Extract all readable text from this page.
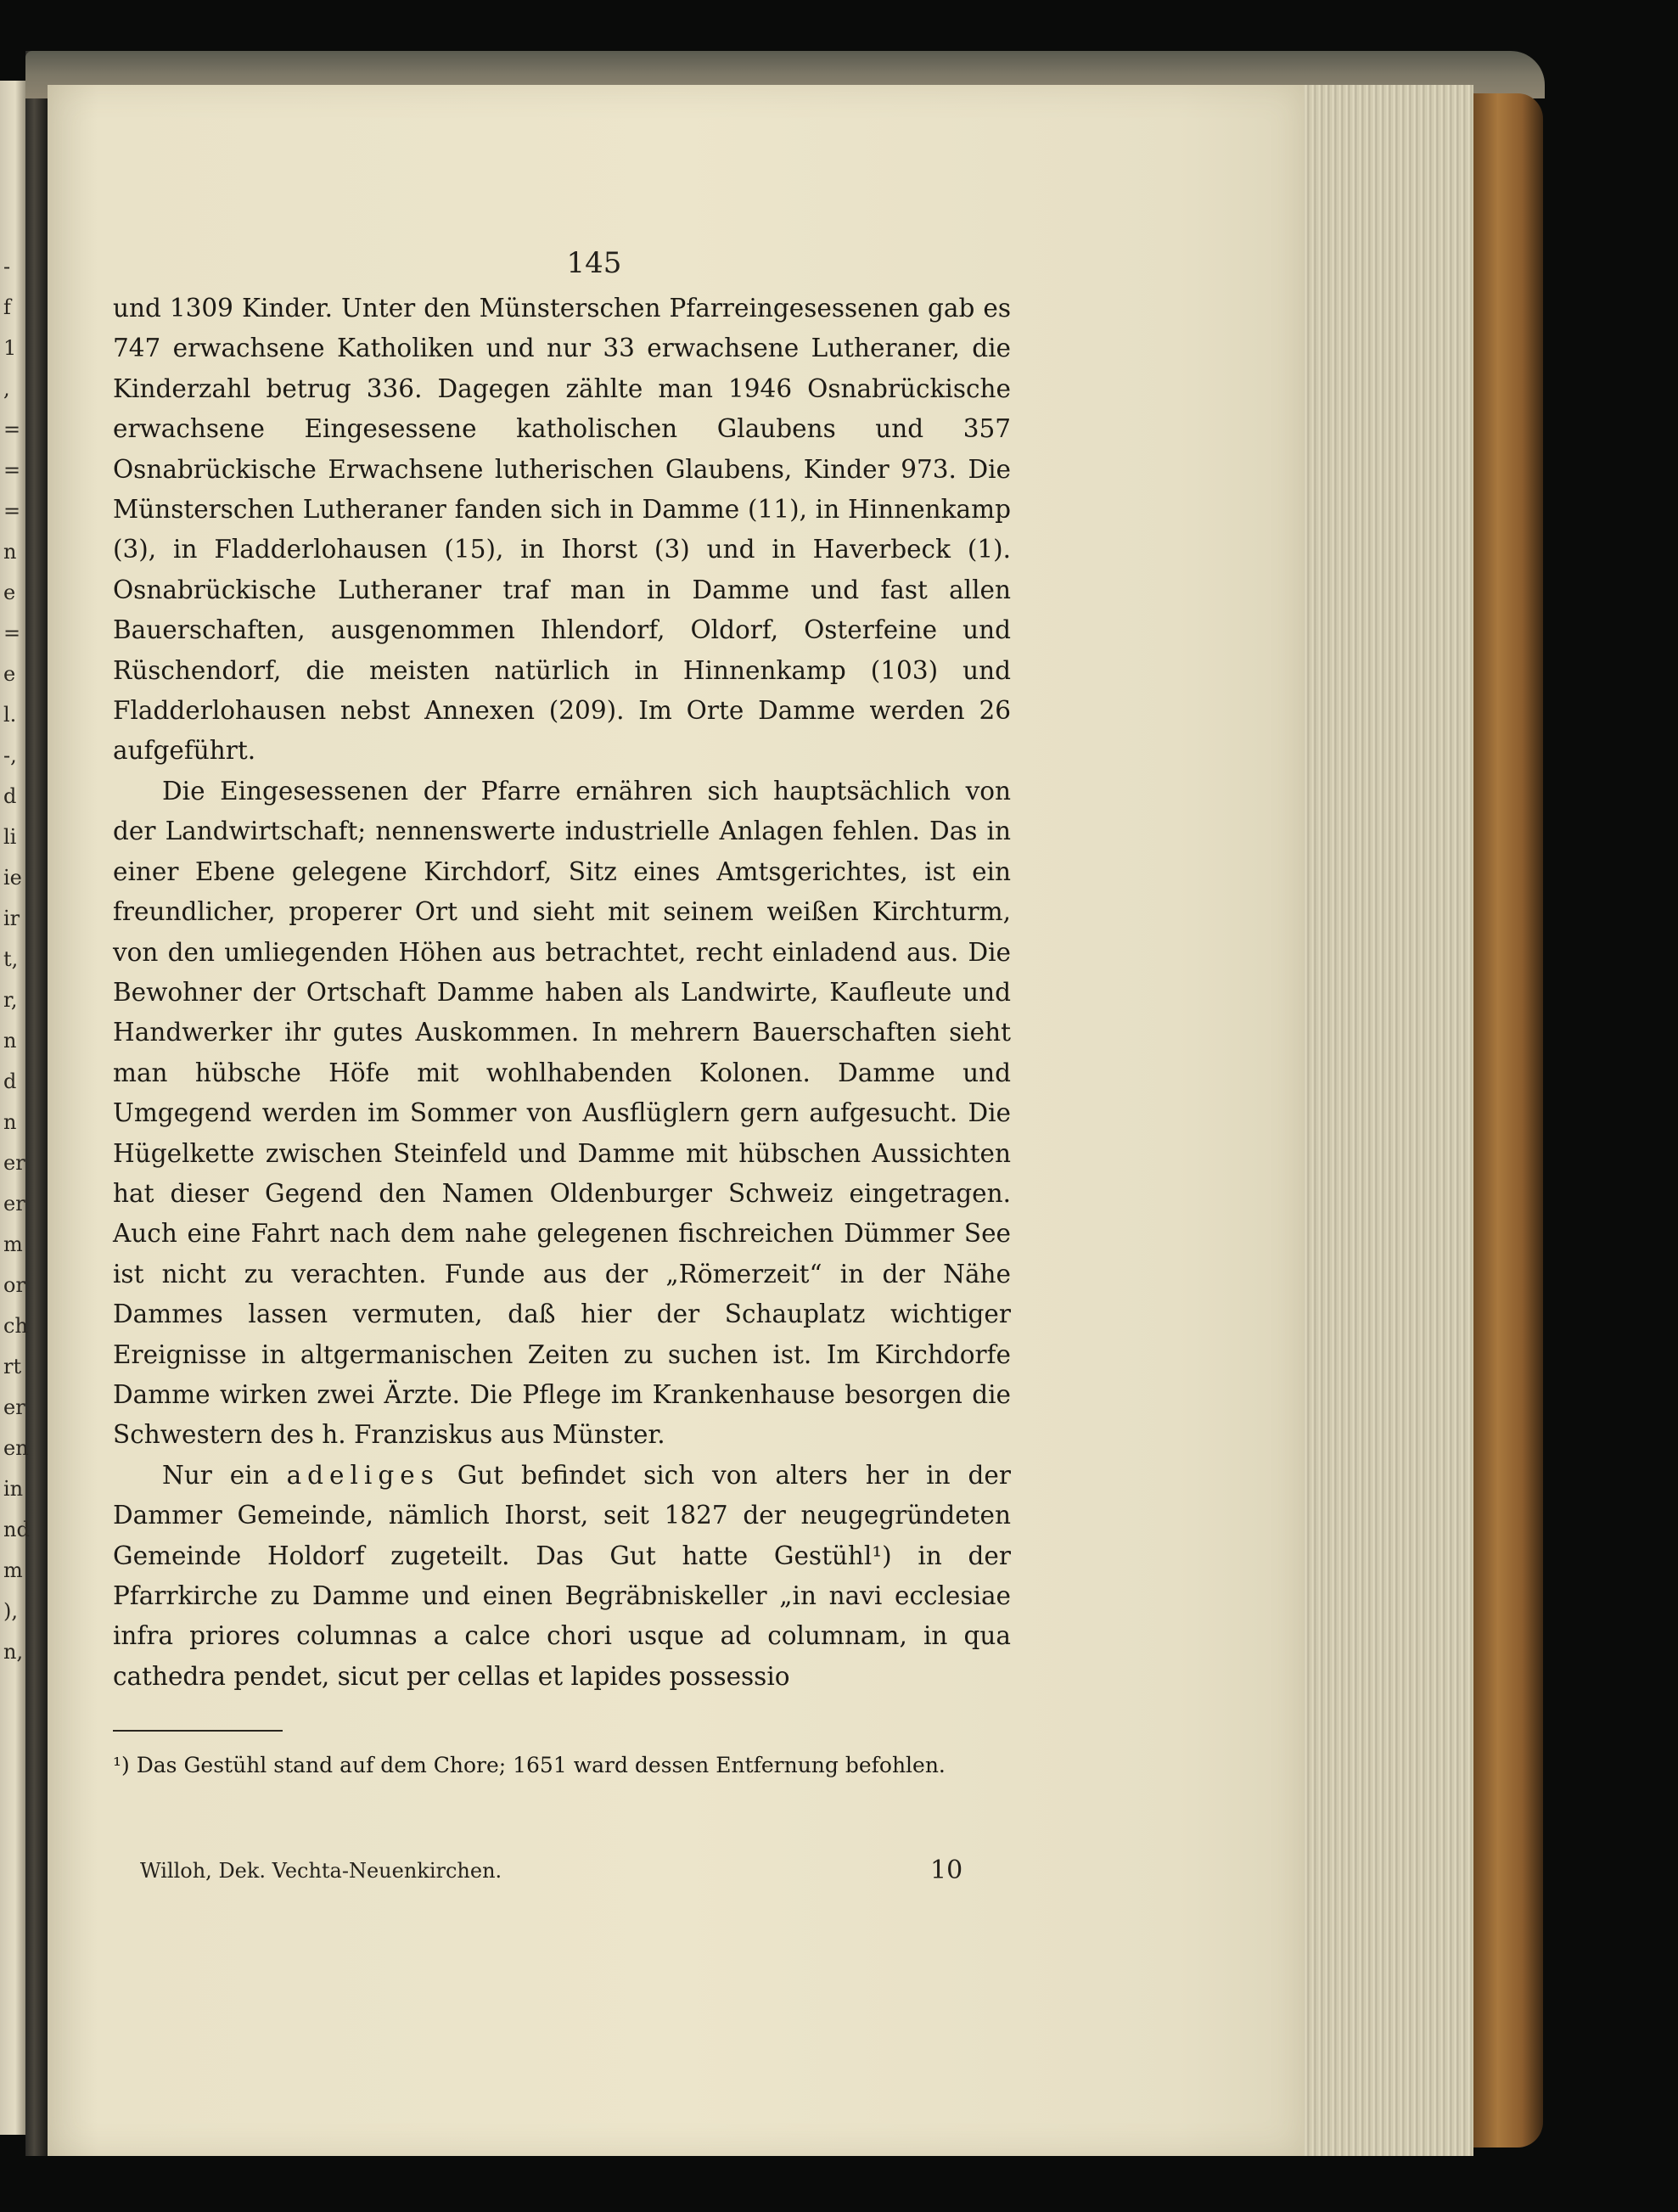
-
f
1
,
=
=
=
n
e
=
e
l.
-,
d
li
ie
ir
t,
r,
n
d
n
er
er
m
or
ch
rt
er
en
in
nd
m
),
n,
145

und 1309 Kinder. Unter den Münsterschen Pfarreingesessenen gab es 747 erwachsene Katholiken und nur 33 erwachsene Lutheraner, die Kinderzahl betrug 336. Dagegen zählte man 1946 Osnabrückische erwachsene Eingesessene katholischen Glaubens und 357 Osnabrückische Erwachsene lutherischen Glaubens, Kinder 973. Die Münsterschen Lutheraner fanden sich in Damme (11), in Hinnenkamp (3), in Fladderlohausen (15), in Ihorst (3) und in Haverbeck (1). Osnabrückische Lutheraner traf man in Damme und fast allen Bauerschaften, ausgenommen Ihlendorf, Oldorf, Osterfeine und Rüschendorf, die meisten natürlich in Hinnenkamp (103) und Fladderlohausen nebst Annexen (209). Im Orte Damme werden 26 aufgeführt.

Die Eingesessenen der Pfarre ernähren sich hauptsächlich von der Landwirtschaft; nennenswerte industrielle Anlagen fehlen. Das in einer Ebene gelegene Kirchdorf, Sitz eines Amtsgerichtes, ist ein freundlicher, properer Ort und sieht mit seinem weißen Kirchturm, von den umliegenden Höhen aus betrachtet, recht einladend aus. Die Bewohner der Ortschaft Damme haben als Landwirte, Kaufleute und Handwerker ihr gutes Auskommen. In mehrern Bauerschaften sieht man hübsche Höfe mit wohlhabenden Kolonen. Damme und Umgegend werden im Sommer von Ausflüglern gern aufgesucht. Die Hügelkette zwischen Steinfeld und Damme mit hübschen Aussichten hat dieser Gegend den Namen Oldenburger Schweiz eingetragen. Auch eine Fahrt nach dem nahe gelegenen fischreichen Dümmer See ist nicht zu verachten. Funde aus der „Römerzeit“ in der Nähe Dammes lassen vermuten, daß hier der Schauplatz wichtiger Ereignisse in altgermanischen Zeiten zu suchen ist. Im Kirchdorfe Damme wirken zwei Ärzte. Die Pflege im Krankenhause besorgen die Schwestern des h. Franziskus aus Münster.

Nur ein adeliges Gut befindet sich von alters her in der Dammer Gemeinde, nämlich Ihorst, seit 1827 der neugegründeten Gemeinde Holdorf zugeteilt. Das Gut hatte Gestühl¹) in der Pfarrkirche zu Damme und einen Begräbniskeller „in navi ecclesiae infra priores columnas a calce chori usque ad columnam, in qua cathedra pendet, sicut per cellas et lapides possessio

¹) Das Gestühl stand auf dem Chore; 1651 ward dessen Entfernung befohlen.
Willoh, Dek. Vechta-Neuenkirchen.	10
